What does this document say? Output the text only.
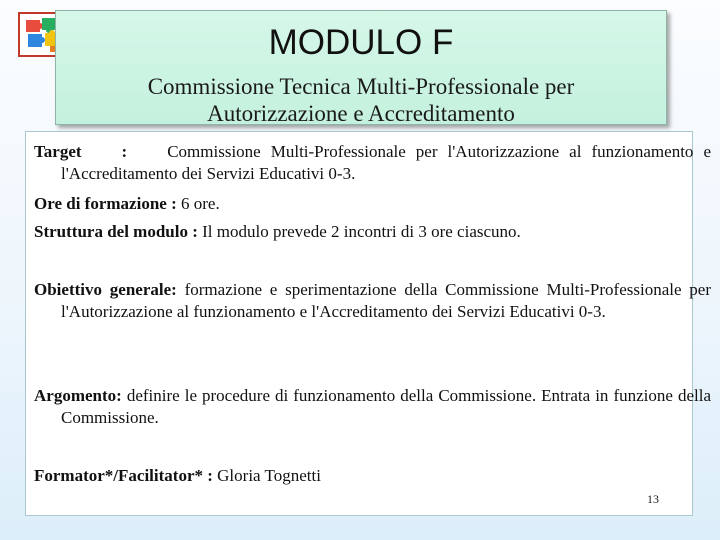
MODULO F
Commissione Tecnica Multi-Professionale per
Autorizzazione e Accreditamento
Target : Commissione Multi-Professionale per l'Autorizzazione al funzionamento e l'Accreditamento dei Servizi Educativi 0-3.
Ore di formazione : 6 ore.
Struttura del modulo : Il modulo prevede 2 incontri di 3 ore ciascuno.
Obiettivo generale: formazione e sperimentazione della Commissione Multi-Professionale per l'Autorizzazione al funzionamento e l'Accreditamento dei Servizi Educativi 0-3.
Argomento: definire le procedure di funzionamento della Commissione. Entrata in funzione della Commissione.
Formator*/Facilitator* : Gloria Tognetti
13
